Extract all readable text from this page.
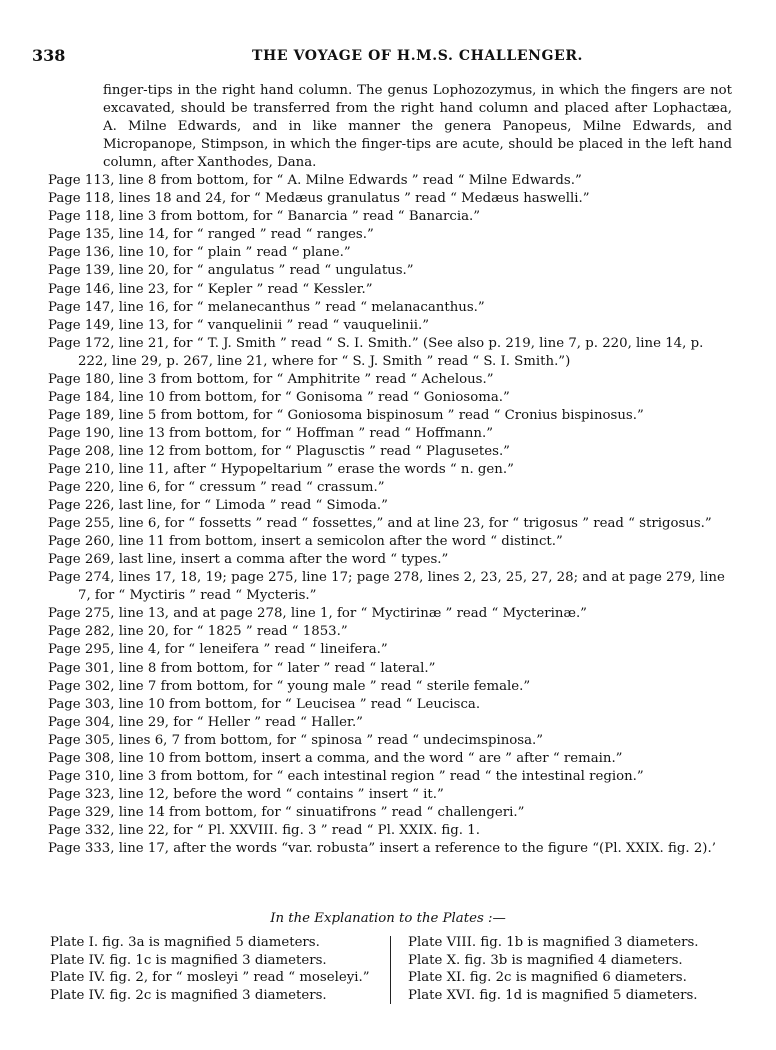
338	THE VOYAGE OF H.M.S. CHALLENGER.

finger-tips in the right hand column. The genus Lophozozymus, in which the fingers are not excavated, should be transferred from the right hand column and placed after Lophactæa, A. Milne Edwards, and in like manner the genera Panopeus, Milne Edwards, and Micropanope, Stimpson, in which the finger-tips are acute, should be placed in the left hand column, after Xanthodes, Dana.

Page 113, line 8 from bottom, for “ A. Milne Edwards ” read “ Milne Edwards.”

Page 118, lines 18 and 24, for “ Medæus granulatus ” read “ Medæus haswelli.”

Page 118, line 3 from bottom, for “ Banarcia ” read “ Banarcia.”

Page 135, line 14, for “ ranged ” read “ ranges.”

Page 136, line 10, for “ plain ” read “ plane.”

Page 139, line 20, for “ angulatus ” read “ ungulatus.”

Page 146, line 23, for “ Kepler ” read “ Kessler.”

Page 147, line 16, for “ melanecanthus ” read “ melanacanthus.”

Page 149, line 13, for “ vanquelinii ” read “ vauquelinii.”

Page 172, line 21, for “ T. J. Smith ” read “ S. I. Smith.” (See also p. 219, line 7, p. 220, line 14, p. 222, line 29, p. 267, line 21, where for “ S. J. Smith ” read “ S. I. Smith.”)

Page 180, line 3 from bottom, for “ Amphitrite ” read “ Achelous.”

Page 184, line 10 from bottom, for “ Gonisoma ” read “ Goniosoma.”

Page 189, line 5 from bottom, for “ Goniosoma bispinosum ” read “ Cronius bispinosus.”

Page 190, line 13 from bottom, for “ Hoffman ” read “ Hoffmann.”

Page 208, line 12 from bottom, for “ Plagusctis ” read “ Plagusetes.”

Page 210, line 11, after “ Hypopeltarium ” erase the words “ n. gen.”

Page 220, line 6, for “ cressum ” read “ crassum.”

Page 226, last line, for “ Limoda ” read “ Simoda.”

Page 255, line 6, for “ fossetts ” read “ fossettes,” and at line 23, for “ trigosus ” read “ strigosus.”

Page 260, line 11 from bottom, insert a semicolon after the word “ distinct.”

Page 269, last line, insert a comma after the word “ types.”

Page 274, lines 17, 18, 19; page 275, line 17; page 278, lines 2, 23, 25, 27, 28; and at page 279, line 7, for “ Myctiris ” read “ Mycteris.”

Page 275, line 13, and at page 278, line 1, for “ Myctirinæ ” read “ Mycterinæ.”

Page 282, line 20, for “ 1825 ” read “ 1853.”

Page 295, line 4, for “ leneifera ” read “ lineifera.”

Page 301, line 8 from bottom, for “ later ” read “ lateral.”

Page 302, line 7 from bottom, for “ young male ” read “ sterile female.”

Page 303, line 10 from bottom, for “ Leucisea ” read “ Leucisca.

Page 304, line 29, for “ Heller ” read “ Haller.”

Page 305, lines 6, 7 from bottom, for “ spinosa ” read “ undecimspinosa.”

Page 308, line 10 from bottom, insert a comma, and the word “ are ” after “ remain.”

Page 310, line 3 from bottom, for “ each intestinal region ” read “ the intestinal region.”

Page 323, line 12, before the word “ contains ” insert “ it.”

Page 329, line 14 from bottom, for “ sinuatifrons ” read “ challengeri.”

Page 332, line 22, for “ Pl. XXVIII. fig. 3 ” read “ Pl. XXIX. fig. 1.

Page 333, line 17, after the words “var. robusta” insert a reference to the figure “(Pl. XXIX. fig. 2).’

In the Explanation to the Plates :—

Plate I. fig. 3a is magnified 5 diameters.

Plate IV. fig. 1c is magnified 3 diameters.

Plate IV. fig. 2, for “ mosleyi ” read “ moseleyi.”

Plate IV. fig. 2c is magnified 3 diameters.

Plate VIII. fig. 1b is magnified 3 diameters.

Plate X. fig. 3b is magnified 4 diameters.

Plate XI. fig. 2c is magnified 6 diameters.

Plate XVI. fig. 1d is magnified 5 diameters.
